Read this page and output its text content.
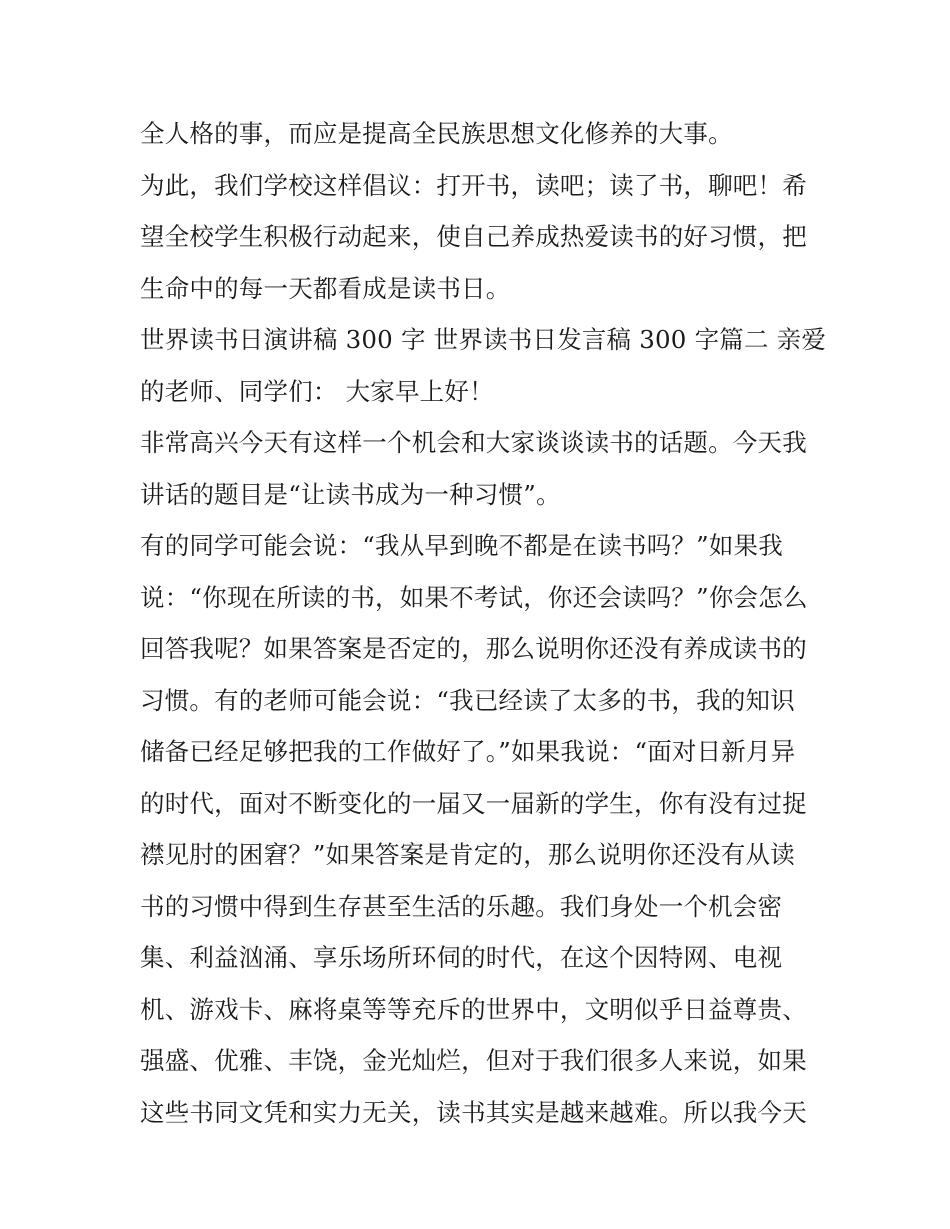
全人格的事，而应是提高全民族思想文化修养的大事。
为此，我们学校这样倡议：打开书，读吧；读了书，聊吧！希
望全校学生积极行动起来，使自己养成热爱读书的好习惯，把
生命中的每一天都看成是读书日。
世界读书日演讲稿 300 字 世界读书日发言稿 300 字篇二 亲爱
的老师、同学们： 大家早上好！
非常高兴今天有这样一个机会和大家谈谈读书的话题。今天我
讲话的题目是“让读书成为一种习惯”。
有的同学可能会说：“我从早到晚不都是在读书吗？”如果我
说：“你现在所读的书，如果不考试，你还会读吗？”你会怎么
回答我呢？如果答案是否定的，那么说明你还没有养成读书的
习惯。有的老师可能会说：“我已经读了太多的书，我的知识
储备已经足够把我的工作做好了。”如果我说：“面对日新月异
的时代，面对不断变化的一届又一届新的学生，你有没有过捉
襟见肘的困窘？”如果答案是肯定的，那么说明你还没有从读
书的习惯中得到生存甚至生活的乐趣。我们身处一个机会密
集、利益汹涌、享乐场所环伺的时代，在这个因特网、电视
机、游戏卡、麻将桌等等充斥的世界中，文明似乎日益尊贵、
强盛、优雅、丰饶，金光灿烂，但对于我们很多人来说，如果
这些书同文凭和实力无关，读书其实是越来越难。所以我今天
